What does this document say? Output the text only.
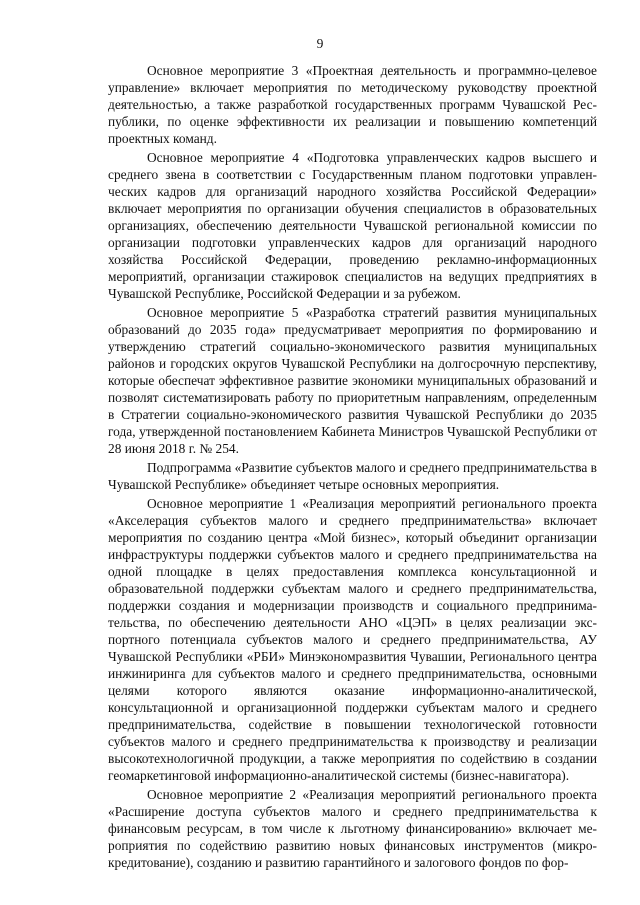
9

Основное мероприятие 3 «Проектная деятельность и программно-целевое управление» включает мероприятия по методическому руководству проектной деятельностью, а также разработкой государственных программ Чувашской Республики, по оценке эффективности их реализации и повышению компетенций проектных команд.

Основное мероприятие 4 «Подготовка управленческих кадров высшего и среднего звена в соответствии с Государственным планом подготовки управленческих кадров для организаций народного хозяйства Российской Федерации» включает мероприятия по организации обучения специалистов в образовательных организациях, обеспечению деятельности Чувашской региональной комиссии по организации подготовки управленческих кадров для организаций народного хозяйства Российской Федерации, проведению рекламно-информационных мероприятий, организации стажировок специалистов на ведущих предприятиях в Чувашской Республике, Российской Федерации и за рубежом.

Основное мероприятие 5 «Разработка стратегий развития муниципальных образований до 2035 года» предусматривает мероприятия по формированию и утверждению стратегий социально-экономического развития муниципальных районов и городских округов Чувашской Республики на долгосрочную перспективу, которые обеспечат эффективное развитие экономики муниципальных образований и позволят систематизировать работу по приоритетным направлениям, определенным в Стратегии социально-экономического развития Чувашской Республики до 2035 года, утвержденной постановлением Кабинета Министров Чувашской Республики от 28 июня 2018 г. № 254.

Подпрограмма «Развитие субъектов малого и среднего предпринимательства в Чувашской Республике» объединяет четыре основных мероприятия.

Основное мероприятие 1 «Реализация мероприятий регионального проекта «Акселерация субъектов малого и среднего предпринимательства» включает мероприятия по созданию центра «Мой бизнес», который объединит организации инфраструктуры поддержки субъектов малого и среднего предпринимательства на одной площадке в целях предоставления комплекса консультационной и образовательной поддержки субъектам малого и среднего предпринимательства, поддержки создания и модернизации производств и социального предпринимательства, по обеспечению деятельности АНО «ЦЭП» в целях реализации экспортного потенциала субъектов малого и среднего предпринимательства, АУ Чувашской Республики «РБИ» Минэкономразвития Чувашии, Регионального центра инжиниринга для субъектов малого и среднего предпринимательства, основными целями которого являются оказание информационно-аналитической, консультационной и организационной поддержки субъектам малого и среднего предпринимательства, содействие в повышении технологической готовности субъектов малого и среднего предпринимательства к производству и реализации высокотехнологичной продукции, а также мероприятия по содействию в создании геомаркетинговой информационно-аналитической системы (бизнес-навигатора).

Основное мероприятие 2 «Реализация мероприятий регионального проекта «Расширение доступа субъектов малого и среднего предпринимательства к финансовым ресурсам, в том числе к льготному финансированию» включает мероприятия по содействию развитию новых финансовых инструментов (микрокредитование), созданию и развитию гарантийного и залогового фондов по фор-
